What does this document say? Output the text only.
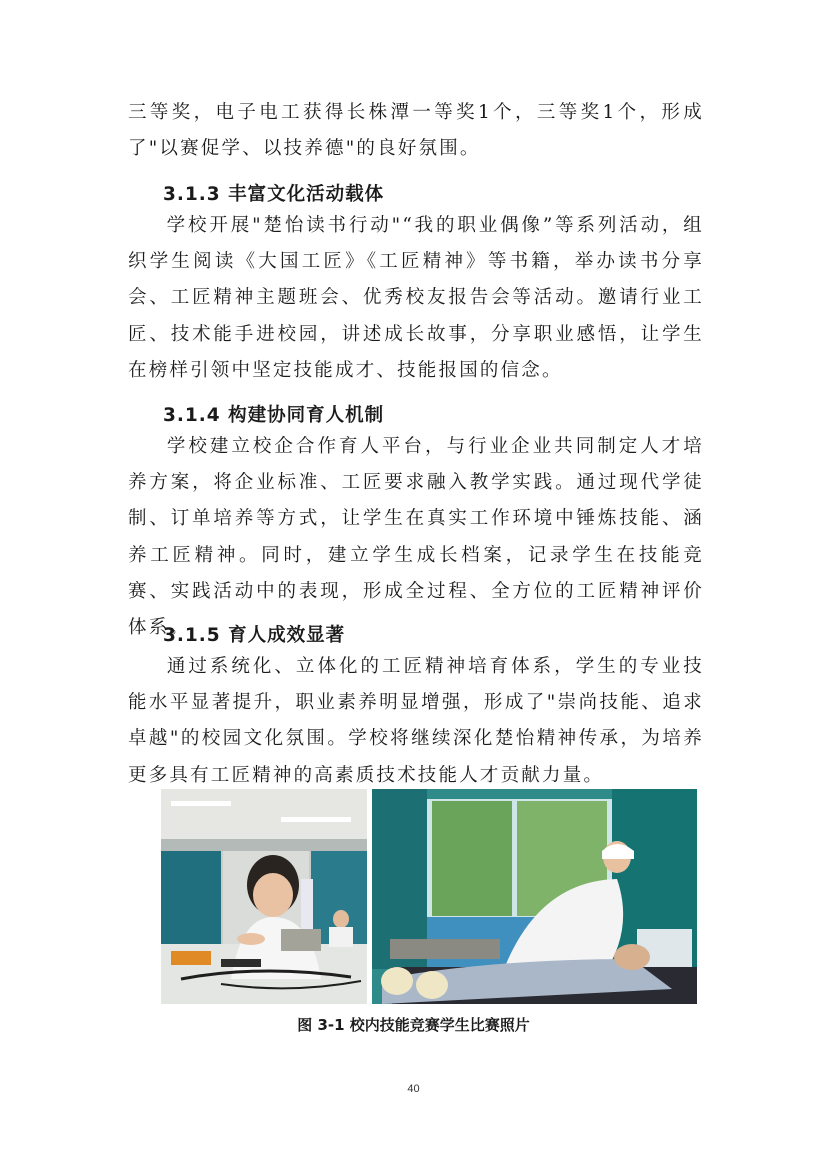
三等奖，电子电工获得长株潭一等奖1个，三等奖1个，形成了"以赛促学、以技养德"的良好氛围。

3.1.3 丰富文化活动载体

学校开展"楚怡读书行动"“我的职业偶像”等系列活动，组织学生阅读《大国工匠》《工匠精神》等书籍，举办读书分享会、工匠精神主题班会、优秀校友报告会等活动。邀请行业工匠、技术能手进校园，讲述成长故事，分享职业感悟，让学生在榜样引领中坚定技能成才、技能报国的信念。

3.1.4 构建协同育人机制

学校建立校企合作育人平台，与行业企业共同制定人才培养方案，将企业标准、工匠要求融入教学实践。通过现代学徒制、订单培养等方式，让学生在真实工作环境中锤炼技能、涵养工匠精神。同时，建立学生成长档案，记录学生在技能竞赛、实践活动中的表现，形成全过程、全方位的工匠精神评价体系。

3.1.5 育人成效显著

通过系统化、立体化的工匠精神培育体系，学生的专业技能水平显著提升，职业素养明显增强，形成了"崇尚技能、追求卓越"的校园文化氛围。学校将继续深化楚怡精神传承，为培养更多具有工匠精神的高素质技术技能人才贡献力量。

图 3-1 校内技能竞赛学生比赛照片

40
